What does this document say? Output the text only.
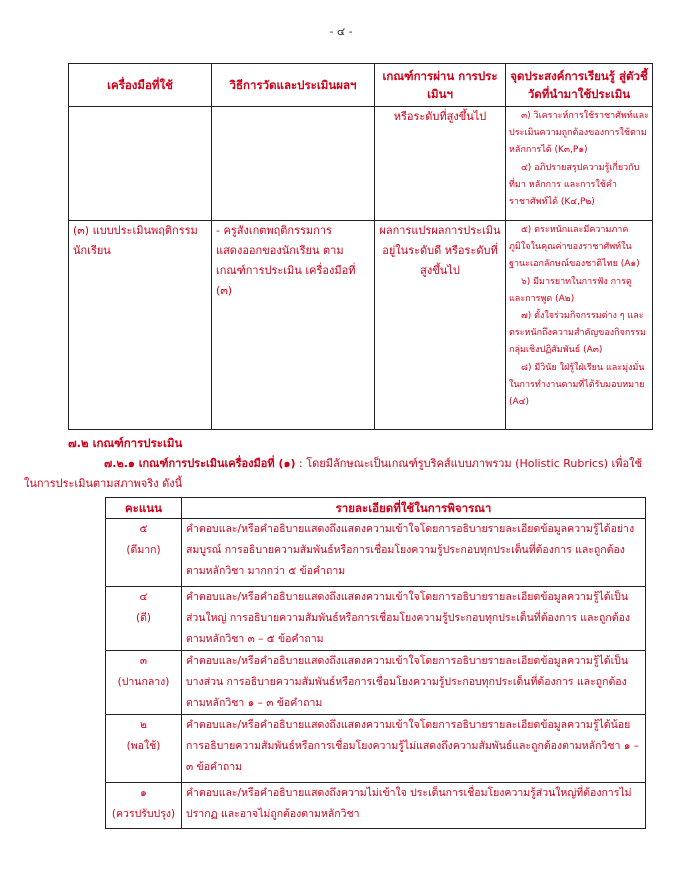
- ๔ -
เครื่องมือที่ใช้	วิธีการวัดและประเมินผลฯ	เกณฑ์การผ่าน การประเมินฯ	จุดประสงค์การเรียนรู้ สู่ตัวชี้วัดที่นำมาใช้ประเมิน
		หรือระดับที่สูงขึ้นไป	๓) วิเคราะห์การใช้ราชาศัพท์และประเมินความถูกต้องของการใช้ตามหลักการได้ (K๓,P๑)

๔) อภิปรายสรุปความรู้เกี่ยวกับที่มา หลักการ และการใช้คำราชาศัพท์ได้ (K๔,P๒)

(๓) แบบประเมินพฤติกรรมนักเรียน	- ครูสังเกตพฤติกรรมการแสดงออกของนักเรียน ตามเกณฑ์การประเมิน เครื่องมือที่ (๓)	ผลการแปรผลการประเมินอยู่ในระดับดี หรือระดับที่สูงขึ้นไป	๕) ตระหนักและมีความภาคภูมิใจในคุณค่าของราชาศัพท์ในฐานะเอกลักษณ์ของชาติไทย (A๑)

๖) มีมารยาทในการฟัง การดู และการพูด (A๒)

๗) ตั้งใจร่วมกิจกรรมต่าง ๆ และตระหนักถึงความสำคัญของกิจกรรมกลุ่มเชิงปฏิสัมพันธ์ (A๓)

๘) มีวินัย ใฝ่รู้ใฝ่เรียน และมุ่งมั่นในการทำงานตามที่ได้รับมอบหมาย (A๔)

๗.๒ เกณฑ์การประเมิน

๗.๒.๑ เกณฑ์การประเมินเครื่องมือที่ (๑) : โดยมีลักษณะเป็นเกณฑ์รูบริคส์แบบภาพรวม (Holistic Rubrics) เพื่อใช้ในการประเมินตามสภาพจริง ดังนี้

คะแนน	รายละเอียดที่ใช้ในการพิจารณา

๕
(ดีมาก)	คำตอบและ/หรือคำอธิบายแสดงถึงแสดงความเข้าใจโดยการอธิบายรายละเอียดข้อมูลความรู้ได้อย่างสมบูรณ์ การอธิบายความสัมพันธ์หรือการเชื่อมโยงความรู้ประกอบทุกประเด็นที่ต้องการ และถูกต้องตามหลักวิชา มากกว่า ๕ ข้อคำถาม

๔
(ดี)	คำตอบและ/หรือคำอธิบายแสดงถึงแสดงความเข้าใจโดยการอธิบายรายละเอียดข้อมูลความรู้ได้เป็นส่วนใหญ่ การอธิบายความสัมพันธ์หรือการเชื่อมโยงความรู้ประกอบทุกประเด็นที่ต้องการ และถูกต้องตามหลักวิชา ๓ – ๕ ข้อคำถาม

๓
(ปานกลาง)	คำตอบและ/หรือคำอธิบายแสดงถึงแสดงความเข้าใจโดยการอธิบายรายละเอียดข้อมูลความรู้ได้เป็นบางส่วน การอธิบายความสัมพันธ์หรือการเชื่อมโยงความรู้ประกอบทุกประเด็นที่ต้องการ และถูกต้องตามหลักวิชา ๑ – ๓ ข้อคำถาม

๒
(พอใช้)	คำตอบและ/หรือคำอธิบายแสดงถึงแสดงความเข้าใจโดยการอธิบายรายละเอียดข้อมูลความรู้ได้น้อย การอธิบายความสัมพันธ์หรือการเชื่อมโยงความรู้ไม่แสดงถึงความสัมพันธ์และถูกต้องตามหลักวิชา ๑ – ๓ ข้อคำถาม

๑
(ควรปรับปรุง)	คำตอบและ/หรือคำอธิบายแสดงถึงความไม่เข้าใจ ประเด็นการเชื่อมโยงความรู้ส่วนใหญ่ที่ต้องการไม่ปรากฏ และอาจไม่ถูกต้องตามหลักวิชา
